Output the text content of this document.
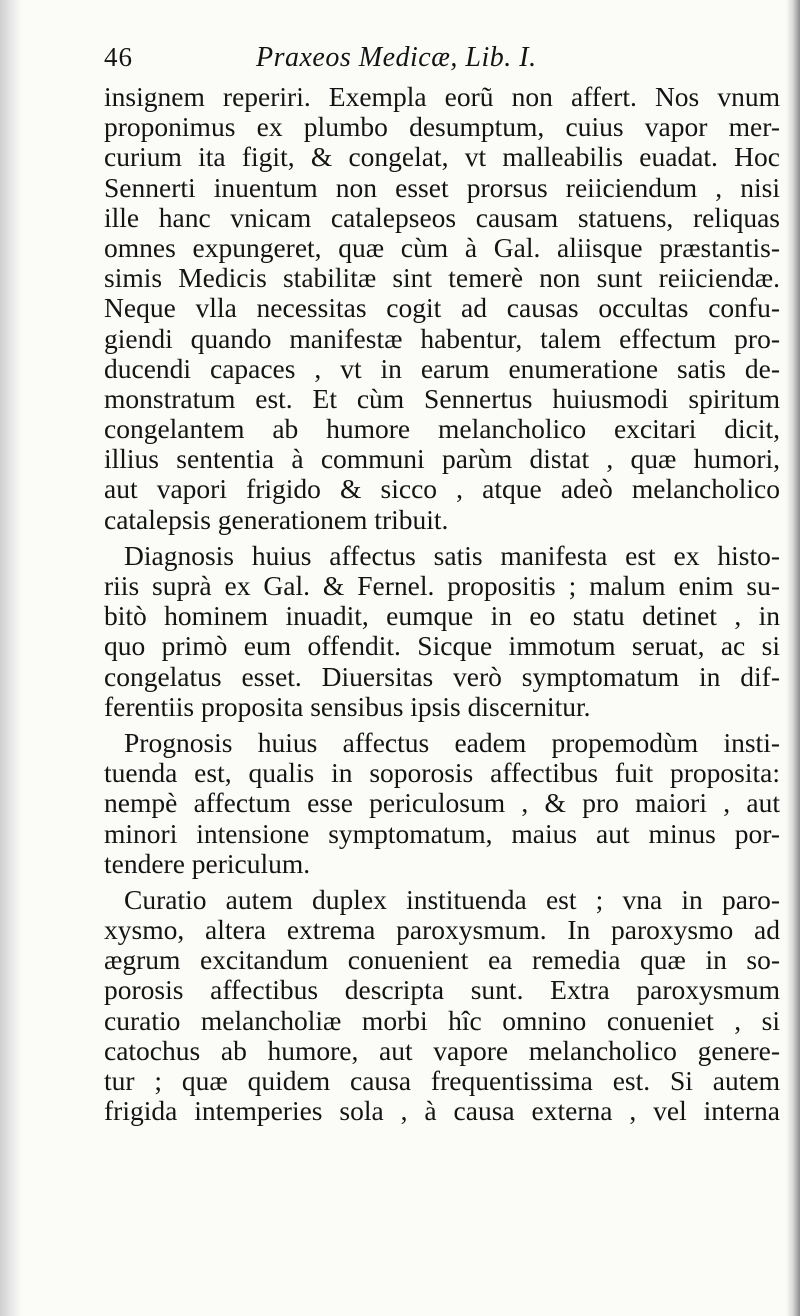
46	Praxeos Medicæ, Lib. I.
insignem reperiri. Exempla eorũ non affert. Nos vnum
proponimus ex plumbo desumptum, cuius vapor mer-
curium ita figit, & congelat, vt malleabilis euadat. Hoc
Sennerti inuentum non esset prorsus reiiciendum , nisi
ille hanc vnicam catalepseos causam statuens, reliquas
omnes expungeret, quæ cùm à Gal. aliisque præstantis-
simis Medicis stabilitæ sint temerè non sunt reiiciendæ.
Neque vlla necessitas cogit ad causas occultas confu-
giendi quando manifestæ habentur, talem effectum pro-
ducendi capaces , vt in earum enumeratione satis de-
monstratum est. Et cùm Sennertus huiusmodi spiritum
congelantem ab humore melancholico excitari dicit,
illius sententia à communi parùm distat , quæ humori,
aut vapori frigido & sicco , atque adeò melancholico
catalepsis generationem tribuit.
Diagnosis huius affectus satis manifesta est ex histo-
riis suprà ex Gal. & Fernel. propositis ; malum enim su-
bitò hominem inuadit, eumque in eo statu detinet , in
quo primò eum offendit. Sicque immotum seruat, ac si
congelatus esset. Diuersitas verò symptomatum in dif-
ferentiis proposita sensibus ipsis discernitur.
Prognosis huius affectus eadem propemodùm insti-
tuenda est, qualis in soporosis affectibus fuit proposita:
nempè affectum esse periculosum , & pro maiori , aut
minori intensione symptomatum, maius aut minus por-
tendere periculum.
Curatio autem duplex instituenda est ; vna in paro-
xysmo, altera extrema paroxysmum. In paroxysmo ad
ægrum excitandum conuenient ea remedia quæ in so-
porosis affectibus descripta sunt. Extra paroxysmum
curatio melancholiæ morbi hîc omnino conueniet , si
catochus ab humore, aut vapore melancholico genere-
tur ; quæ quidem causa frequentissima est. Si autem
frigida intemperies sola , à causa externa , vel interna
